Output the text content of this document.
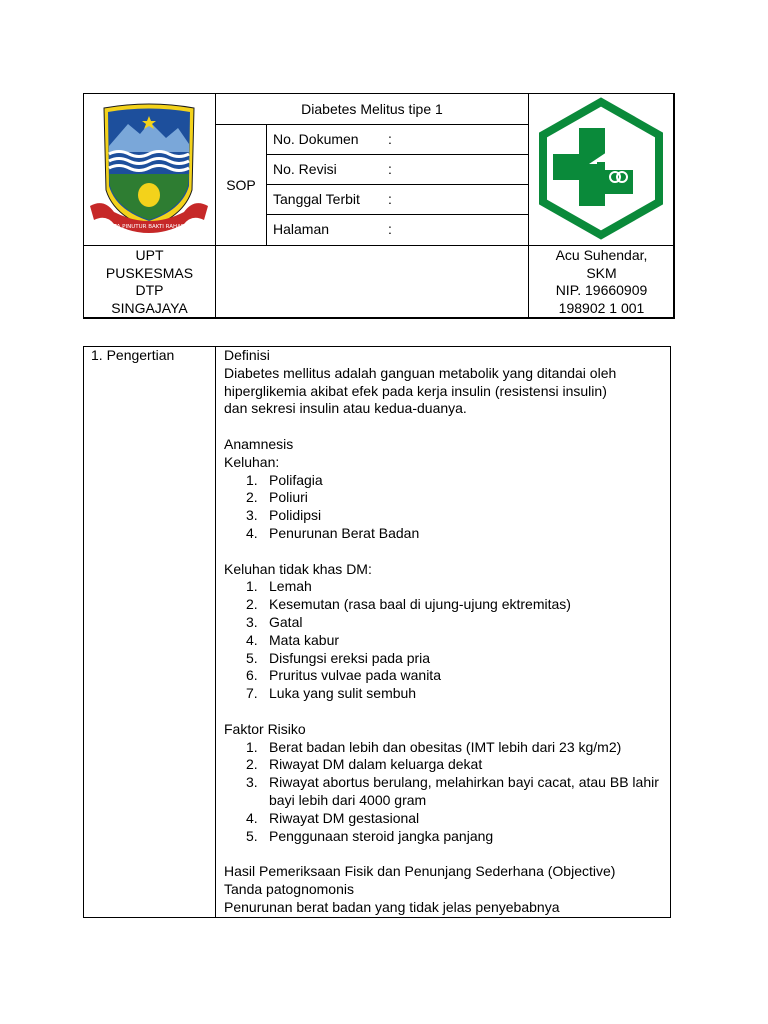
INTA PINUTUR BAKTI RAHARJA
Diabetes Melitus tipe 1
SOP
No. Dokumen :
No. Revisi	:
Tanggal Terbit :
Halaman	:
UPT
PUSKESMAS
DTP
SINGAJAYA
Acu Suhendar,
SKM
NIP. 19660909
198902 1 001
1. Pengertian	Definisi
Diabetes mellitus adalah ganguan metabolik yang ditandai oleh
hiperglikemia akibat efek pada kerja insulin (resistensi insulin)
dan sekresi insulin atau kedua-duanya.
Anamnesis
Keluhan:
1. Polifagia
2. Poliuri
3. Polidipsi
4. Penurunan Berat Badan
Keluhan tidak khas DM:
1. Lemah
2. Kesemutan (rasa baal di ujung-ujung ektremitas)
3. Gatal
4. Mata kabur
5. Disfungsi ereksi pada pria
6. Pruritus vulvae pada wanita
7. Luka yang sulit sembuh
Faktor Risiko
1. Berat badan lebih dan obesitas (IMT lebih dari 23 kg/m2)
2. Riwayat DM dalam keluarga dekat
3. Riwayat abortus berulang, melahirkan bayi cacat, atau BB lahir bayi lebih dari 4000 gram
4. Riwayat DM gestasional
5. Penggunaan steroid jangka panjang
Hasil Pemeriksaan Fisik dan Penunjang Sederhana (Objective)
Tanda patognomonis
Penurunan berat badan yang tidak jelas penyebabnya
